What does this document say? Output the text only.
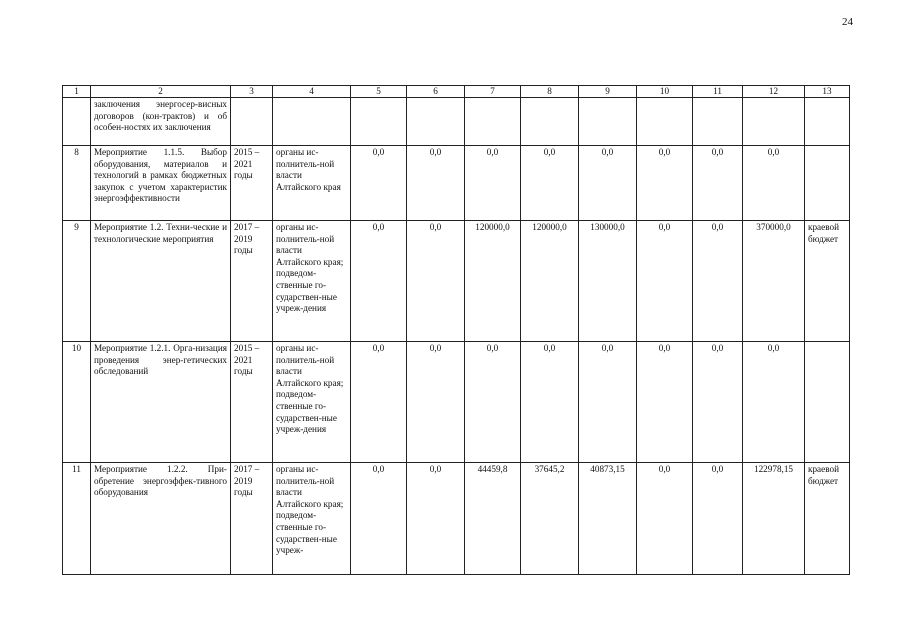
24
1	2	3	4	5	6	7	8	9	10	11	12	13
	заключения энергосер-висных договоров (кон-трактов) и об особен-ностях их заключения											
8	Мероприятие 1.1.5. Выбор оборудования, материалов и технологий в рамках бюджетных закупок с учетом характеристик энергоэффективности	2015 – 2021 годы	органы ис-полнитель-ной власти Алтайского края	0,0	0,0	0,0	0,0	0,0	0,0	0,0	0,0	
9	Мероприятие 1.2. Техни-ческие и технологические мероприятия	2017 – 2019 годы	органы ис-полнитель-ной власти Алтайского края; подведом-ственные го-сударствен-ные учреж-дения	0,0	0,0	120000,0	120000,0	130000,0	0,0	0,0	370000,0	краевой бюджет
10	Мероприятие 1.2.1. Орга-низация проведения энер-гетических обследований	2015 – 2021 годы	органы ис-полнитель-ной власти Алтайского края; подведом-ственные го-сударствен-ные учреж-дения	0,0	0,0	0,0	0,0	0,0	0,0	0,0	0,0	
11	Мероприятие 1.2.2. При-обретение энергоэффек-тивного оборудования	2017 – 2019 годы	органы ис-полнитель-ной власти Алтайского края; подведом-ственные го-сударствен-ные учреж-	0,0	0,0	44459,8	37645,2	40873,15	0,0	0,0	122978,15	краевой бюджет
